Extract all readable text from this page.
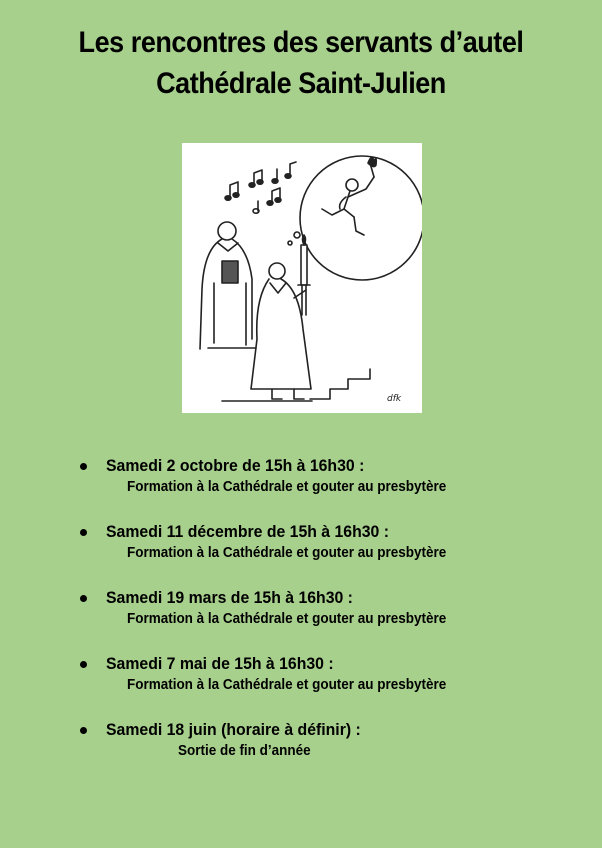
Les rencontres des servants d’autel
Cathédrale Saint-Julien
dfk
Samedi 2 octobre de 15h à 16h30 :
Formation à la Cathédrale et gouter au presbytère
Samedi 11 décembre de 15h à 16h30 :
Formation à la Cathédrale et gouter au presbytère
Samedi 19 mars de 15h à 16h30 :
Formation à la Cathédrale et gouter au presbytère
Samedi 7 mai de 15h à 16h30 :
Formation à la Cathédrale et gouter au presbytère
Samedi 18 juin (horaire à définir) :
Sortie de fin d’année
